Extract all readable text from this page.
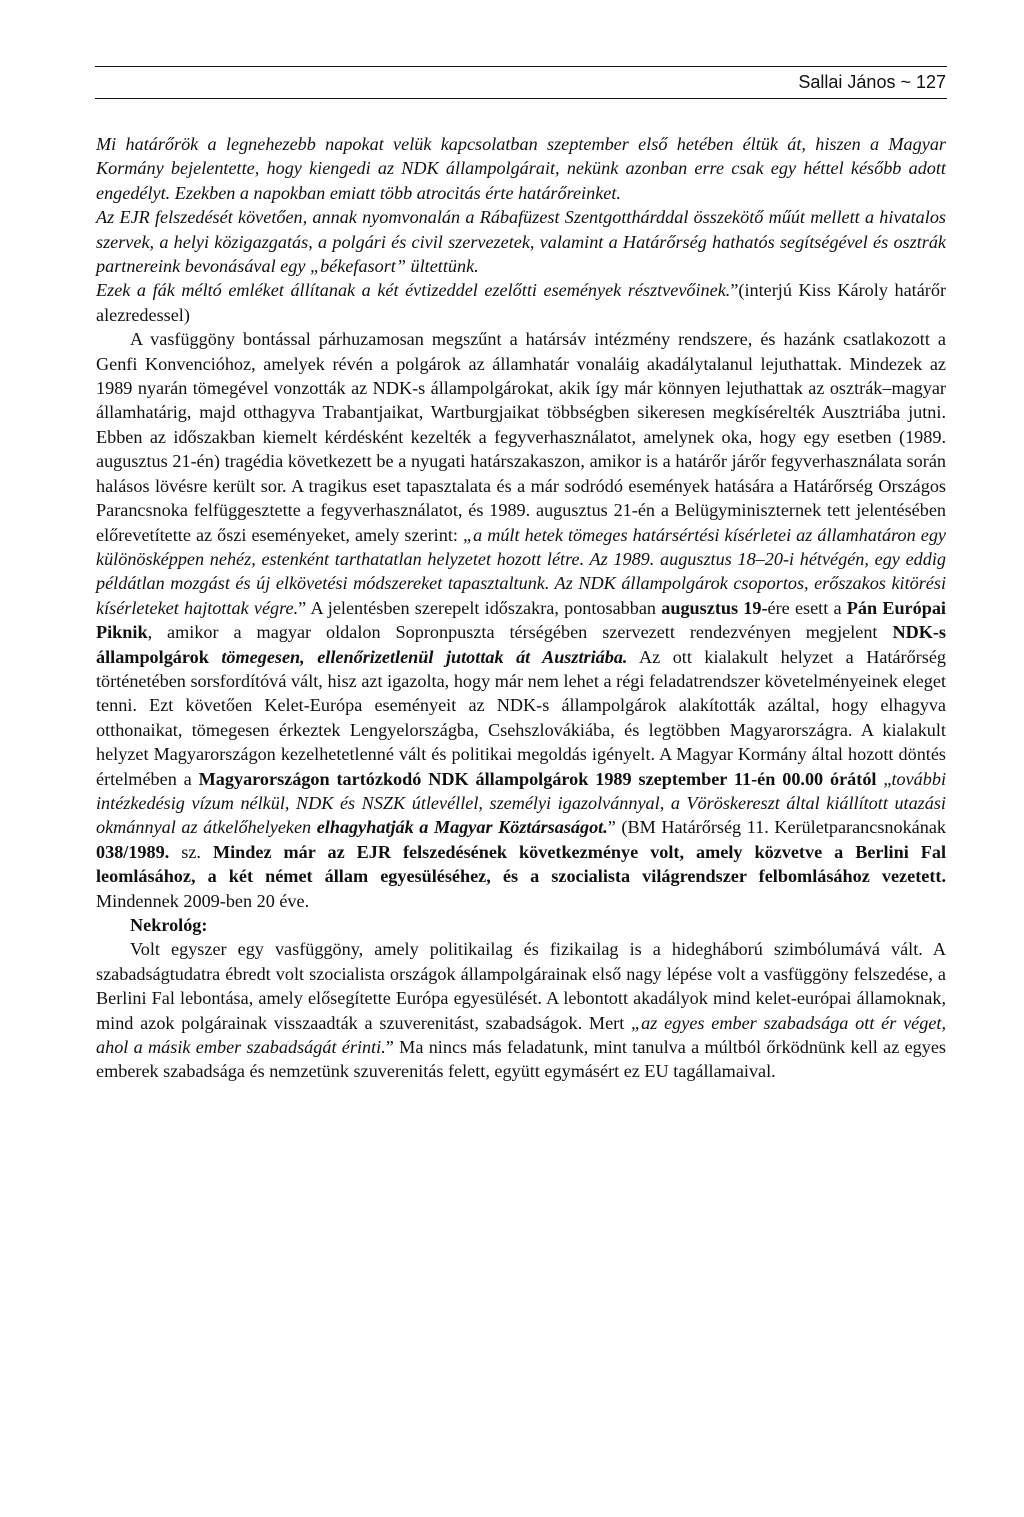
Sallai János ~ 127

Mi határőrök a legnehezebb napokat velük kapcsolatban szeptember első hetében éltük át, hiszen a Magyar Kormány bejelentette, hogy kiengedi az NDK állampolgárait, nekünk azonban erre csak egy héttel később adott engedélyt. Ezekben a napokban emiatt több atrocitás érte határőreinket.

Az EJR felszedését követően, annak nyomvonalán a Rábafüzest Szentgotthárddal összekötő műút mellett a hivatalos szervek, a helyi közigazgatás, a polgári és civil szervezetek, valamint a Határőrség hathatós segítségével és osztrák partnereink bevonásával egy „békefasort” ültettünk.

Ezek a fák méltó emléket állítanak a két évtizeddel ezelőtti események résztvevőinek.”(interjú Kiss Károly határőr alezredessel)

A vasfüggöny bontással párhuzamosan megszűnt a határsáv intézmény rendszere, és hazánk csatlakozott a Genfi Konvencióhoz, amelyek révén a polgárok az államhatár vonaláig akadálytalanul lejuthattak. Mindezek az 1989 nyarán tömegével vonzották az NDK-s állampolgárokat, akik így már könnyen lejuthattak az osztrák–magyar államhatárig, majd otthagyva Trabantjaikat, Wartburgjaikat többségben sikeresen megkísérelték Ausztriába jutni. Ebben az időszakban kiemelt kérdésként kezelték a fegyverhasználatot, amelynek oka, hogy egy esetben (1989. augusztus 21-én) tragédia következett be a nyugati határszakaszon, amikor is a határőr járőr fegyverhasználata során halásos lövésre került sor. A tragikus eset tapasztalata és a már sodródó események hatására a Határőrség Országos Parancsnoka felfüggesztette a fegyverhasználatot, és 1989. augusztus 21-én a Belügyminiszternek tett jelentésében előrevetítette az őszi eseményeket, amely szerint: „a múlt hetek tömeges határsértési kísérletei az államhatáron egy különösképpen nehéz, estenként tarthatatlan helyzetet hozott létre. Az 1989. augusztus 18–20-i hétvégén, egy eddig példátlan mozgást és új elkövetési módszereket tapasztaltunk. Az NDK állampolgárok csoportos, erőszakos kitörési kísérleteket hajtottak végre.” A jelentésben szerepelt időszakra, pontosabban augusztus 19-ére esett a Pán Európai Piknik, amikor a magyar oldalon Sopronpuszta térségében szervezett rendezvényen megjelent NDK-s állampolgárok tömegesen, ellenőrizetlenül jutottak át Ausztriába. Az ott kialakult helyzet a Határőrség történetében sorsfordítóvá vált, hisz azt igazolta, hogy már nem lehet a régi feladatrendszer követelményeinek eleget tenni. Ezt követően Kelet-Európa eseményeit az NDK-s állampolgárok alakították azáltal, hogy elhagyva otthonaikat, tömegesen érkeztek Lengyelországba, Csehszlovákiába, és legtöbben Magyarországra. A kialakult helyzet Magyarországon kezelhetetlenné vált és politikai megoldás igényelt. A Magyar Kormány által hozott döntés értelmében a Magyarországon tartózkodó NDK állampolgárok 1989 szeptember 11-én 00.00 órától „további intézkedésig vízum nélkül, NDK és NSZK útlevéllel, személyi igazolvánnyal, a Vöröskereszt által kiállított utazási okmánnyal az átkelőhelyeken elhagyhatják a Magyar Köztársaságot.” (BM Határőrség 11. Kerületparancsnokának 038/1989. sz. Mindez már az EJR felszedésének következménye volt, amely közvetve a Berlini Fal leomlásához, a két német állam egyesüléséhez, és a szocialista világrendszer felbomlásához vezetett. Mindennek 2009-ben 20 éve.

Nekrológ:

Volt egyszer egy vasfüggöny, amely politikailag és fizikailag is a hidegháború szimbólumává vált. A szabadságtudatra ébredt volt szocialista országok állampolgárainak első nagy lépése volt a vasfüggöny felszedése, a Berlini Fal lebontása, amely elősegítette Európa egyesülését. A lebontott akadályok mind kelet-európai államoknak, mind azok polgárainak visszaadták a szuverenitást, szabadságok. Mert „az egyes ember szabadsága ott ér véget, ahol a másik ember szabadságát érinti.” Ma nincs más feladatunk, mint tanulva a múltból őrködnünk kell az egyes emberek szabadsága és nemzetünk szuverenitás felett, együtt egymásért ez EU tagállamaival.
